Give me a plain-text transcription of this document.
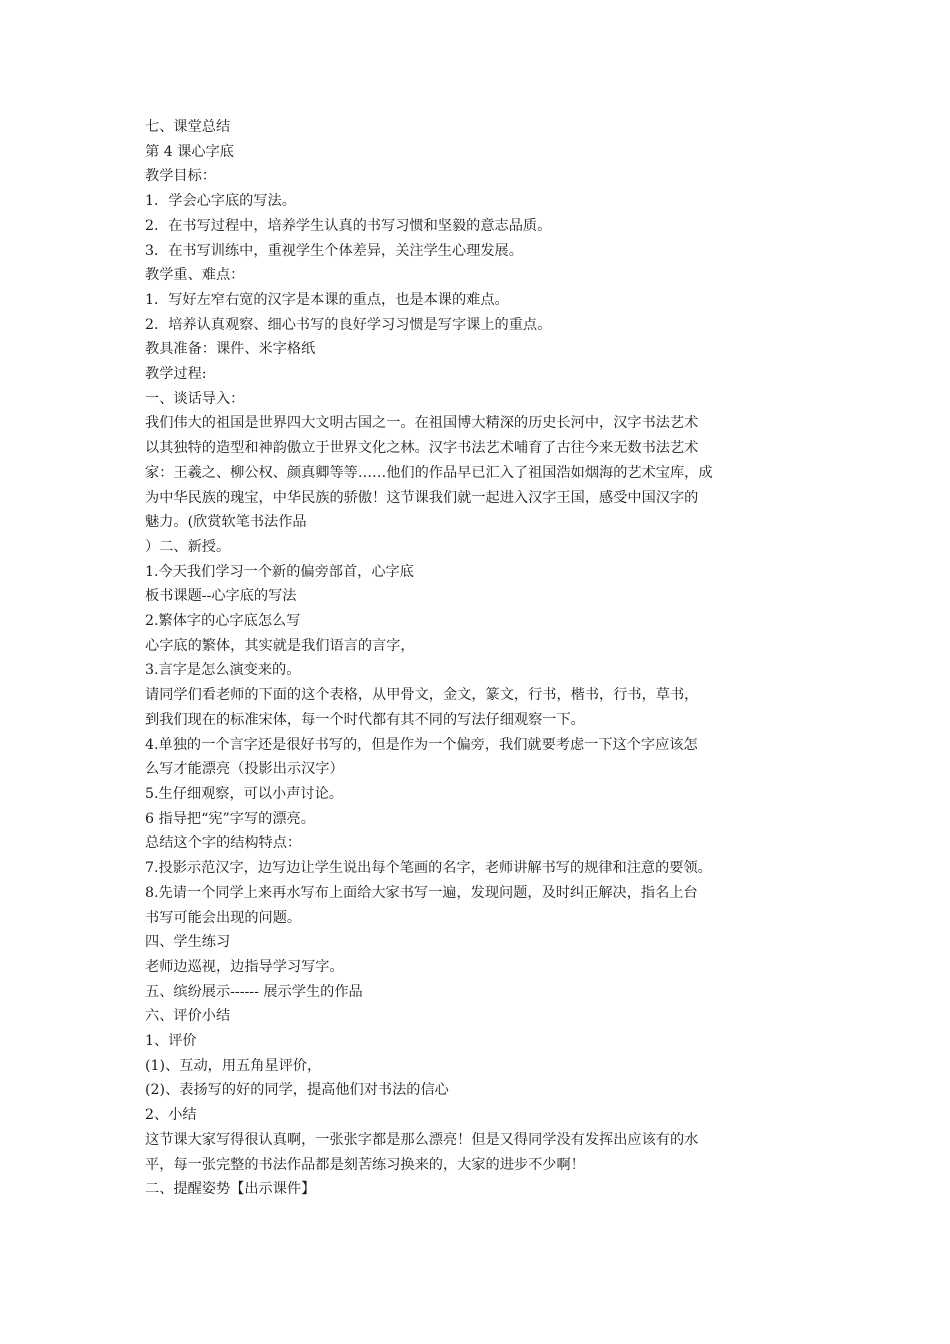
七、课堂总结
第 4 课心字底
教学目标：
1．学会心字底的写法。
2．在书写过程中，培养学生认真的书写习惯和坚毅的意志品质。
3．在书写训练中，重视学生个体差异，关注学生心理发展。
教学重、难点：
1．写好左窄右宽的汉字是本课的重点，也是本课的难点。
2．培养认真观察、细心书写的良好学习习惯是写字课上的重点。
教具准备：课件、米字格纸
教学过程:
一、谈话导入：
我们伟大的祖国是世界四大文明古国之一。在祖国博大精深的历史长河中，汉字书法艺术
以其独特的造型和神韵傲立于世界文化之林。汉字书法艺术哺育了古往今来无数书法艺术
家：王羲之、柳公权、颜真卿等等……他们的作品早已汇入了祖国浩如烟海的艺术宝库，成
为中华民族的瑰宝，中华民族的骄傲！这节课我们就一起进入汉字王国，感受中国汉字的
魅力。(欣赏软笔书法作品
）二、新授。
1.今天我们学习一个新的偏旁部首，心字底
板书课题--心字底的写法
2.繁体字的心字底怎么写
心字底的繁体，其实就是我们语言的言字，
3.言字是怎么演变来的。
请同学们看老师的下面的这个表格，从甲骨文，金文，篆文，行书，楷书，行书，草书，
到我们现在的标准宋体，每一个时代都有其不同的写法仔细观察一下。
4.单独的一个言字还是很好书写的，但是作为一个偏旁，我们就要考虑一下这个字应该怎
么写才能漂亮（投影出示汉字）
5.生仔细观察，可以小声讨论。
6 指导把“宪”字写的漂亮。
总结这个字的结构特点：
7.投影示范汉字，边写边让学生说出每个笔画的名字，老师讲解书写的规律和注意的要领。
8.先请一个同学上来再水写布上面给大家书写一遍，发现问题，及时纠正解决，指名上台
书写可能会出现的问题。
四、学生练习
老师边巡视，边指导学习写字。
五、缤纷展示------ 展示学生的作品
六、评价小结
1、评价
(1)、互动，用五角星评价，
(2)、表扬写的好的同学，提高他们对书法的信心
2、小结
这节课大家写得很认真啊，一张张字都是那么漂亮！但是又得同学没有发挥出应该有的水
平，每一张完整的书法作品都是刻苦练习换来的，大家的进步不少啊！
二、提醒姿势【出示课件】
